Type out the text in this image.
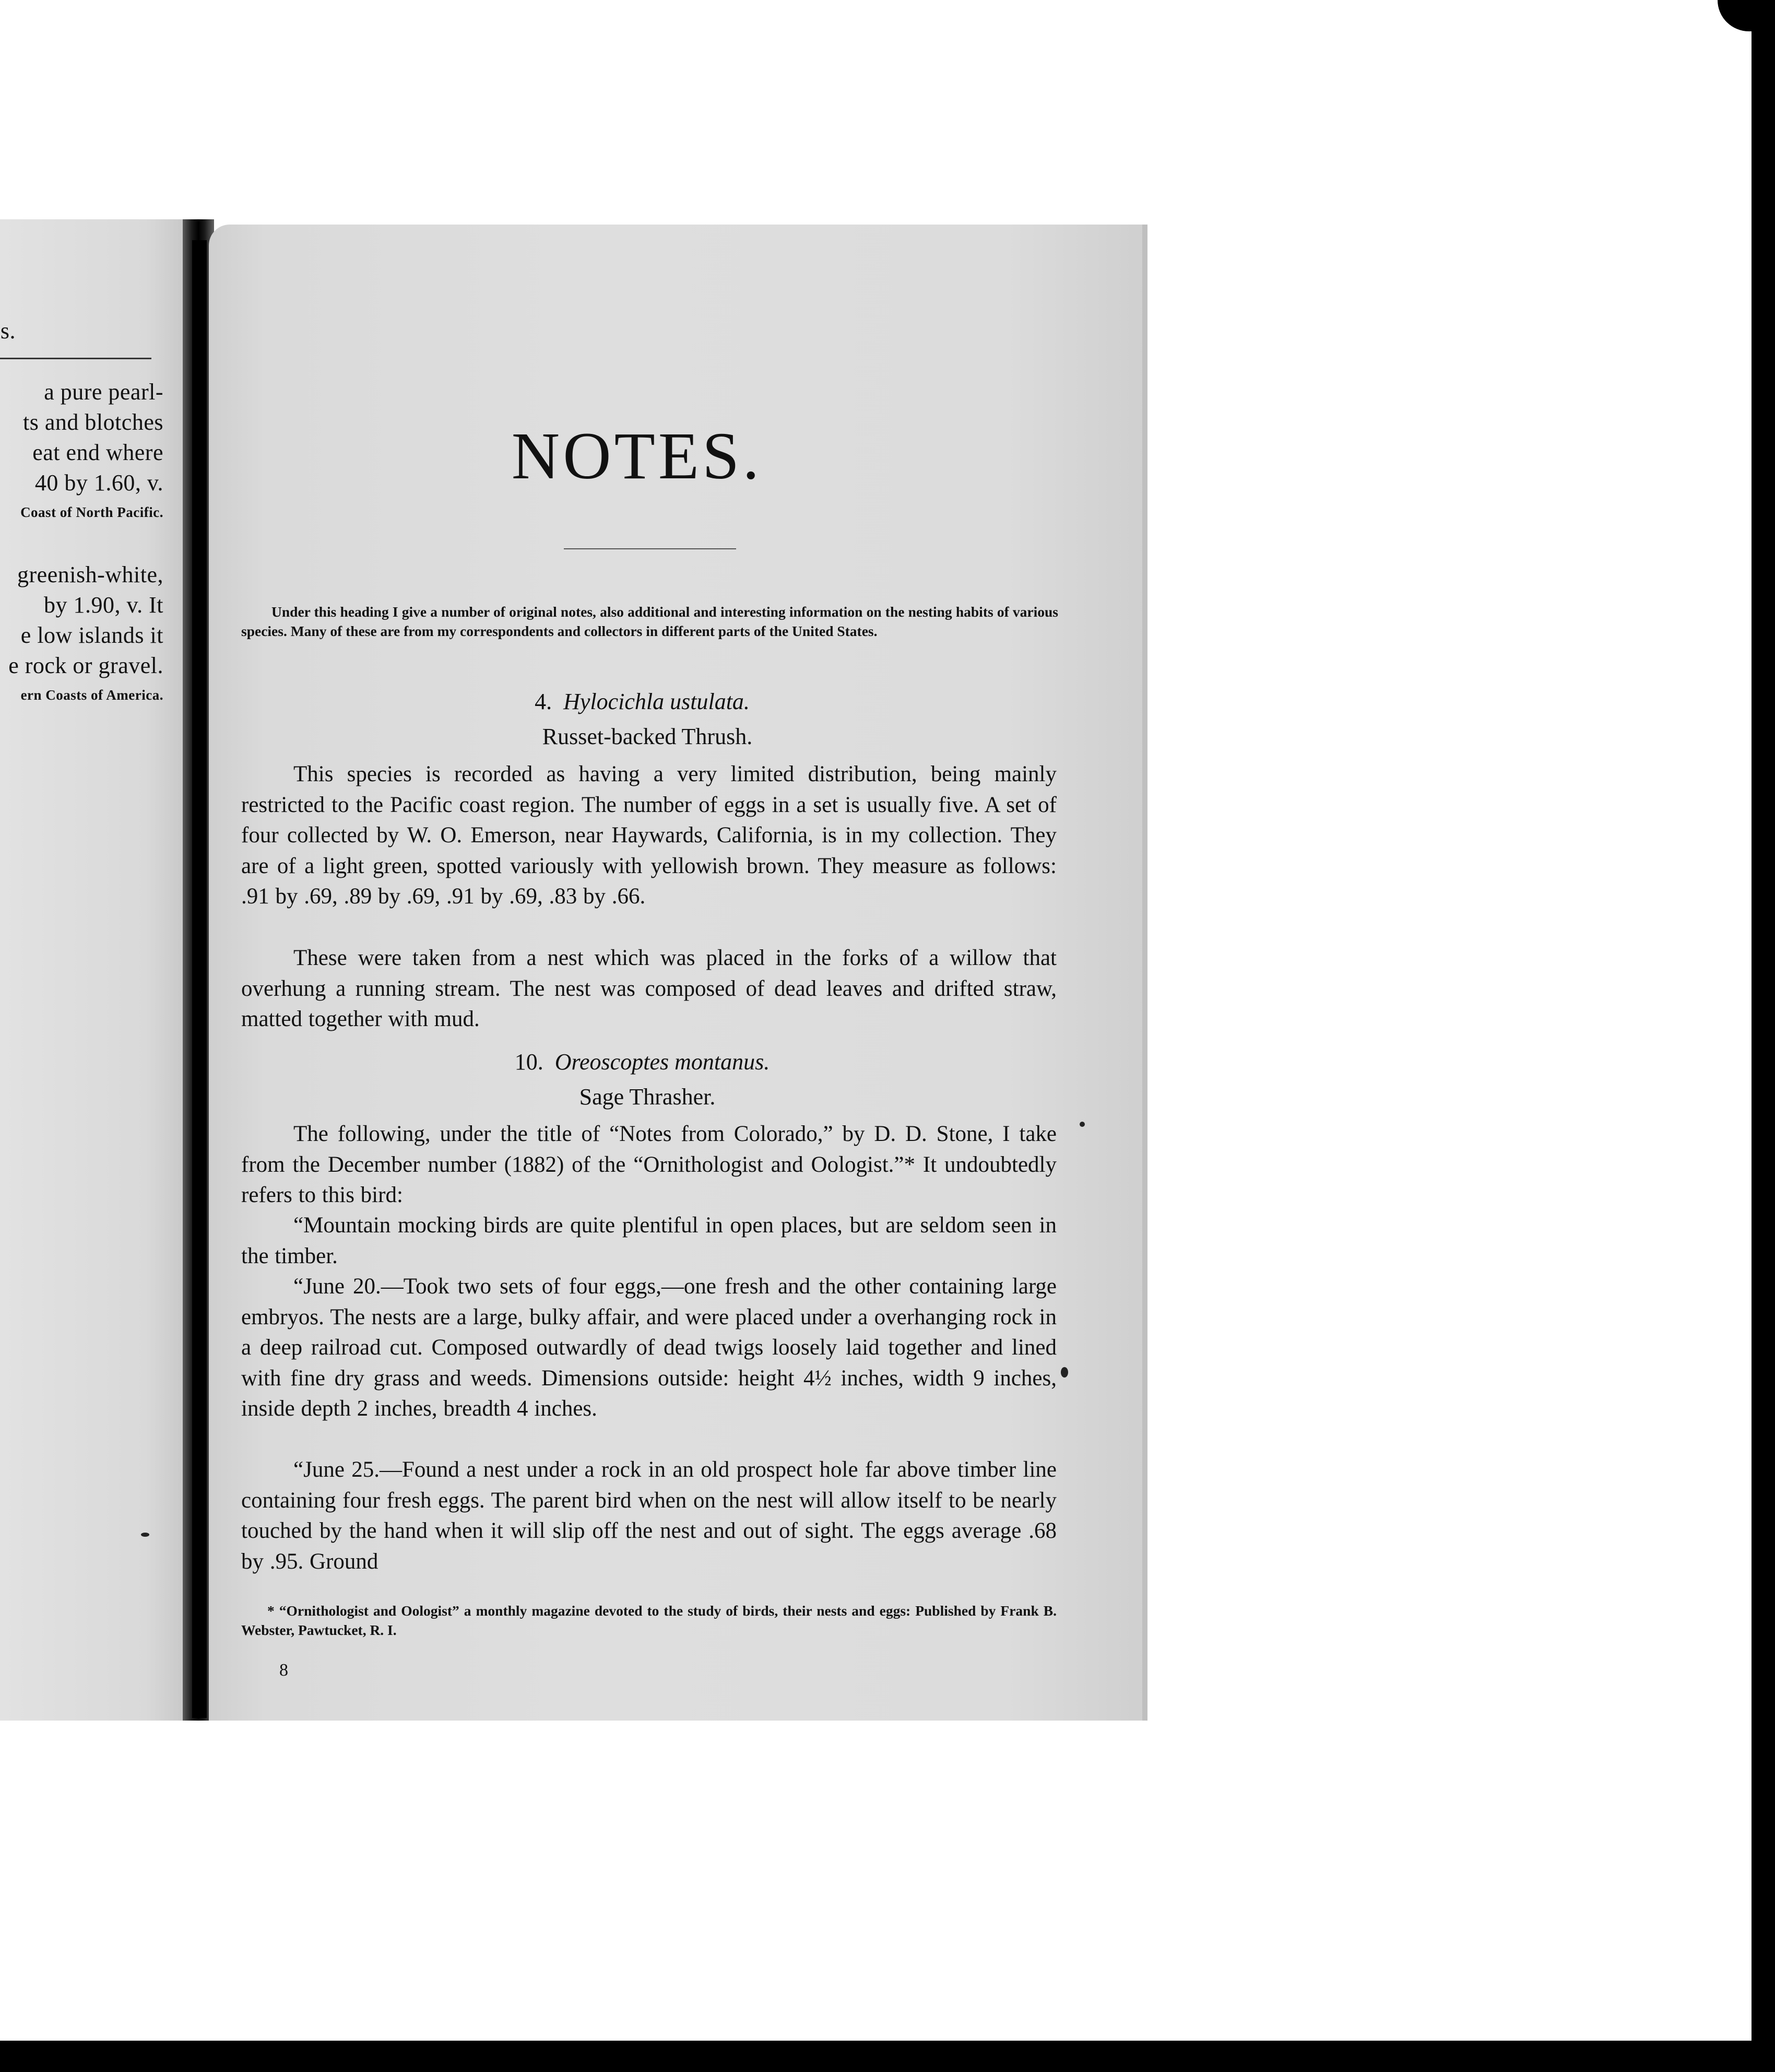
s.
a pure pearl-
ts and blotches
eat end where
40 by 1.60, v.
Coast of North Pacific.
greenish-white,
by 1.90, v. It
e low islands it
e rock or gravel.
ern Coasts of America.
NOTES.

Under this heading I give a number of original notes, also additional and interesting information on the nesting habits of various species. Many of these are from my correspondents and collectors in different parts of the United States.

4. Hylocichla ustulata.

Russet-backed Thrush.

This species is recorded as having a very limited distribution, being mainly restricted to the Pacific coast region. The number of eggs in a set is usually five. A set of four collected by W. O. Emerson, near Haywards, California, is in my collection. They are of a light green, spotted variously with yellowish brown. They measure as follows: .91 by .69, .89 by .69, .91 by .69, .83 by .66.

These were taken from a nest which was placed in the forks of a willow that overhung a running stream. The nest was composed of dead leaves and drifted straw, matted together with mud.

10. Oreoscoptes montanus.

Sage Thrasher.

The following, under the title of “Notes from Colorado,” by D. D. Stone, I take from the December number (1882) of the “Ornithologist and Oologist.”* It undoubtedly refers to this bird:

“Mountain mocking birds are quite plentiful in open places, but are seldom seen in the timber.

“June 20.—Took two sets of four eggs,—one fresh and the other containing large embryos. The nests are a large, bulky affair, and were placed under a overhanging rock in a deep railroad cut. Composed outwardly of dead twigs loosely laid together and lined with fine dry grass and weeds. Dimensions outside: height 4½ inches, width 9 inches, inside depth 2 inches, breadth 4 inches.

“June 25.—Found a nest under a rock in an old prospect hole far above timber line containing four fresh eggs. The parent bird when on the nest will allow itself to be nearly touched by the hand when it will slip off the nest and out of sight. The eggs average .68 by .95. Ground

* “Ornithologist and Oologist” a monthly magazine devoted to the study of birds, their nests and eggs: Published by Frank B. Webster, Pawtucket, R. I.

8
